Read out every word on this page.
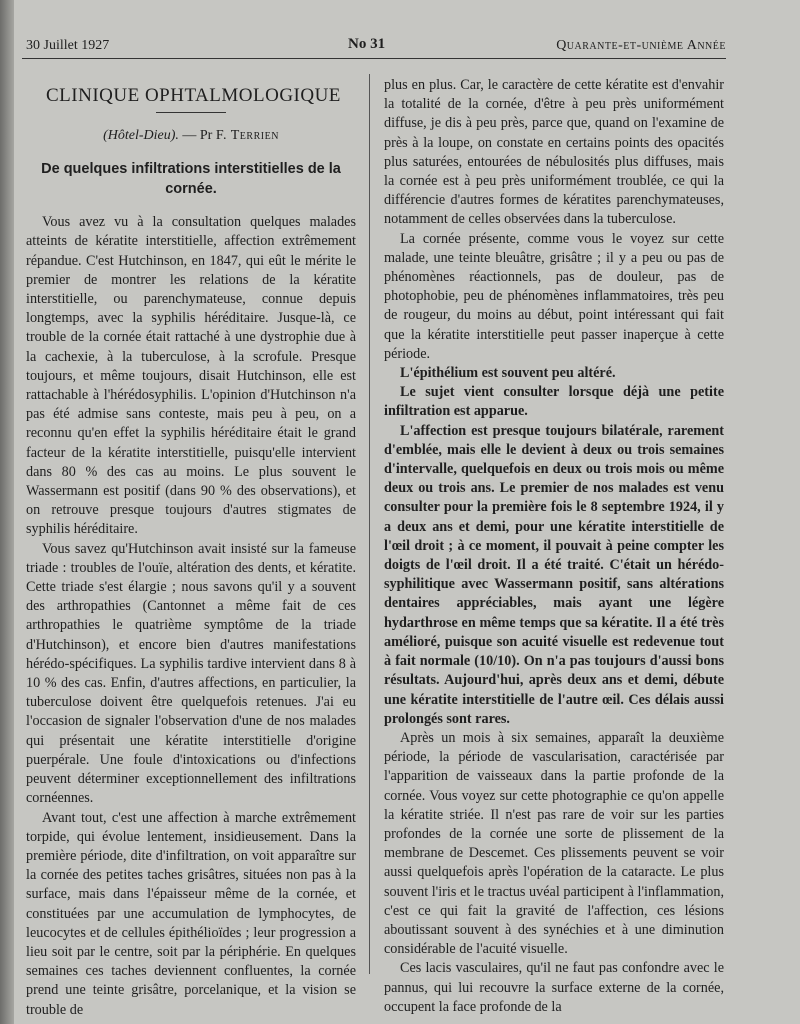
30 Juillet 1927	No 31	Quarante-et-unième Année
CLINIQUE OPHTALMOLOGIQUE
(Hôtel-Dieu). — Pr F. Terrien
De quelques infiltrations interstitielles de la cornée.

Vous avez vu à la consultation quelques malades atteints de kératite interstitielle, affection extrêmement répandue. C'est Hutchinson, en 1847, qui eût le mérite le premier de montrer les relations de la kératite interstitielle, ou parenchymateuse, connue depuis longtemps, avec la syphilis héréditaire. Jusque-là, ce trouble de la cornée était rattaché à une dystrophie due à la cachexie, à la tuberculose, à la scrofule. Presque toujours, et même toujours, disait Hutchinson, elle est rattachable à l'hérédosyphilis. L'opinion d'Hutchinson n'a pas été admise sans conteste, mais peu à peu, on a reconnu qu'en effet la syphilis héréditaire était le grand facteur de la kératite interstitielle, puisqu'elle intervient dans 80 % des cas au moins. Le plus souvent le Wassermann est positif (dans 90 % des observations), et on retrouve presque toujours d'autres stigmates de syphilis héréditaire.

Vous savez qu'Hutchinson avait insisté sur la fameuse triade : troubles de l'ouïe, altération des dents, et kératite. Cette triade s'est élargie ; nous savons qu'il y a souvent des arthropathies (Cantonnet a même fait de ces arthropathies le quatrième symptôme de la triade d'Hutchinson), et encore bien d'autres manifestations hérédo-spécifiques. La syphilis tardive intervient dans 8 à 10 % des cas. Enfin, d'autres affections, en particulier, la tuberculose doivent être quelquefois retenues. J'ai eu l'occasion de signaler l'observation d'une de nos malades qui présentait une kératite interstitielle d'origine puerpérale. Une foule d'intoxications ou d'infections peuvent déterminer exceptionnellement des infiltrations cornéennes.

Avant tout, c'est une affection à marche extrêmement torpide, qui évolue lentement, insidieusement. Dans la première période, dite d'infiltration, on voit apparaître sur la cornée des petites taches grisâtres, situées non pas à la surface, mais dans l'épaisseur même de la cornée, et constituées par une accumulation de lymphocytes, de leucocytes et de cellules épithélioïdes ; leur progression a lieu soit par le centre, soit par la périphérie. En quelques semaines ces taches deviennent confluentes, la cornée prend une teinte grisâtre, porcelanique, et la vision se trouble de

plus en plus. Car, le caractère de cette kératite est d'envahir la totalité de la cornée, d'être à peu près uniformément diffuse, je dis à peu près, parce que, quand on l'examine de près à la loupe, on constate en certains points des opacités plus saturées, entourées de nébulosités plus diffuses, mais la cornée est à peu près uniformément troublée, ce qui la différencie d'autres formes de kératites parenchymateuses, notamment de celles observées dans la tuberculose.

La cornée présente, comme vous le voyez sur cette malade, une teinte bleuâtre, grisâtre ; il y a peu ou pas de phénomènes réactionnels, pas de douleur, pas de photophobie, peu de phénomènes inflammatoires, très peu de rougeur, du moins au début, point intéressant qui fait que la kératite interstitielle peut passer inaperçue à cette période.

L'épithélium est souvent peu altéré.

Le sujet vient consulter lorsque déjà une petite infiltration est apparue.

L'affection est presque toujours bilatérale, rarement d'emblée, mais elle le devient à deux ou trois semaines d'intervalle, quelquefois en deux ou trois mois ou même deux ou trois ans. Le premier de nos malades est venu consulter pour la première fois le 8 septembre 1924, il y a deux ans et demi, pour une kératite interstitielle de l'œil droit ; à ce moment, il pouvait à peine compter les doigts de l'œil droit. Il a été traité. C'était un hérédo-syphilitique avec Wassermann positif, sans altérations dentaires appréciables, mais ayant une légère hydarthrose en même temps que sa kératite. Il a été très amélioré, puisque son acuité visuelle est redevenue tout à fait normale (10/10). On n'a pas toujours d'aussi bons résultats. Aujourd'hui, après deux ans et demi, débute une kératite interstitielle de l'autre œil. Ces délais aussi prolongés sont rares.

Après un mois à six semaines, apparaît la deuxième période, la période de vascularisation, caractérisée par l'apparition de vaisseaux dans la partie profonde de la cornée. Vous voyez sur cette photographie ce qu'on appelle la kératite striée. Il n'est pas rare de voir sur les parties profondes de la cornée une sorte de plissement de la membrane de Descemet. Ces plissements peuvent se voir aussi quelquefois après l'opération de la cataracte. Le plus souvent l'iris et le tractus uvéal participent à l'inflammation, c'est ce qui fait la gravité de l'affection, ces lésions aboutissant souvent à des synéchies et à une diminution considérable de l'acuité visuelle.

Ces lacis vasculaires, qu'il ne faut pas confondre avec le pannus, qui lui recouvre la surface externe de la cornée, occupent la face profonde de la
